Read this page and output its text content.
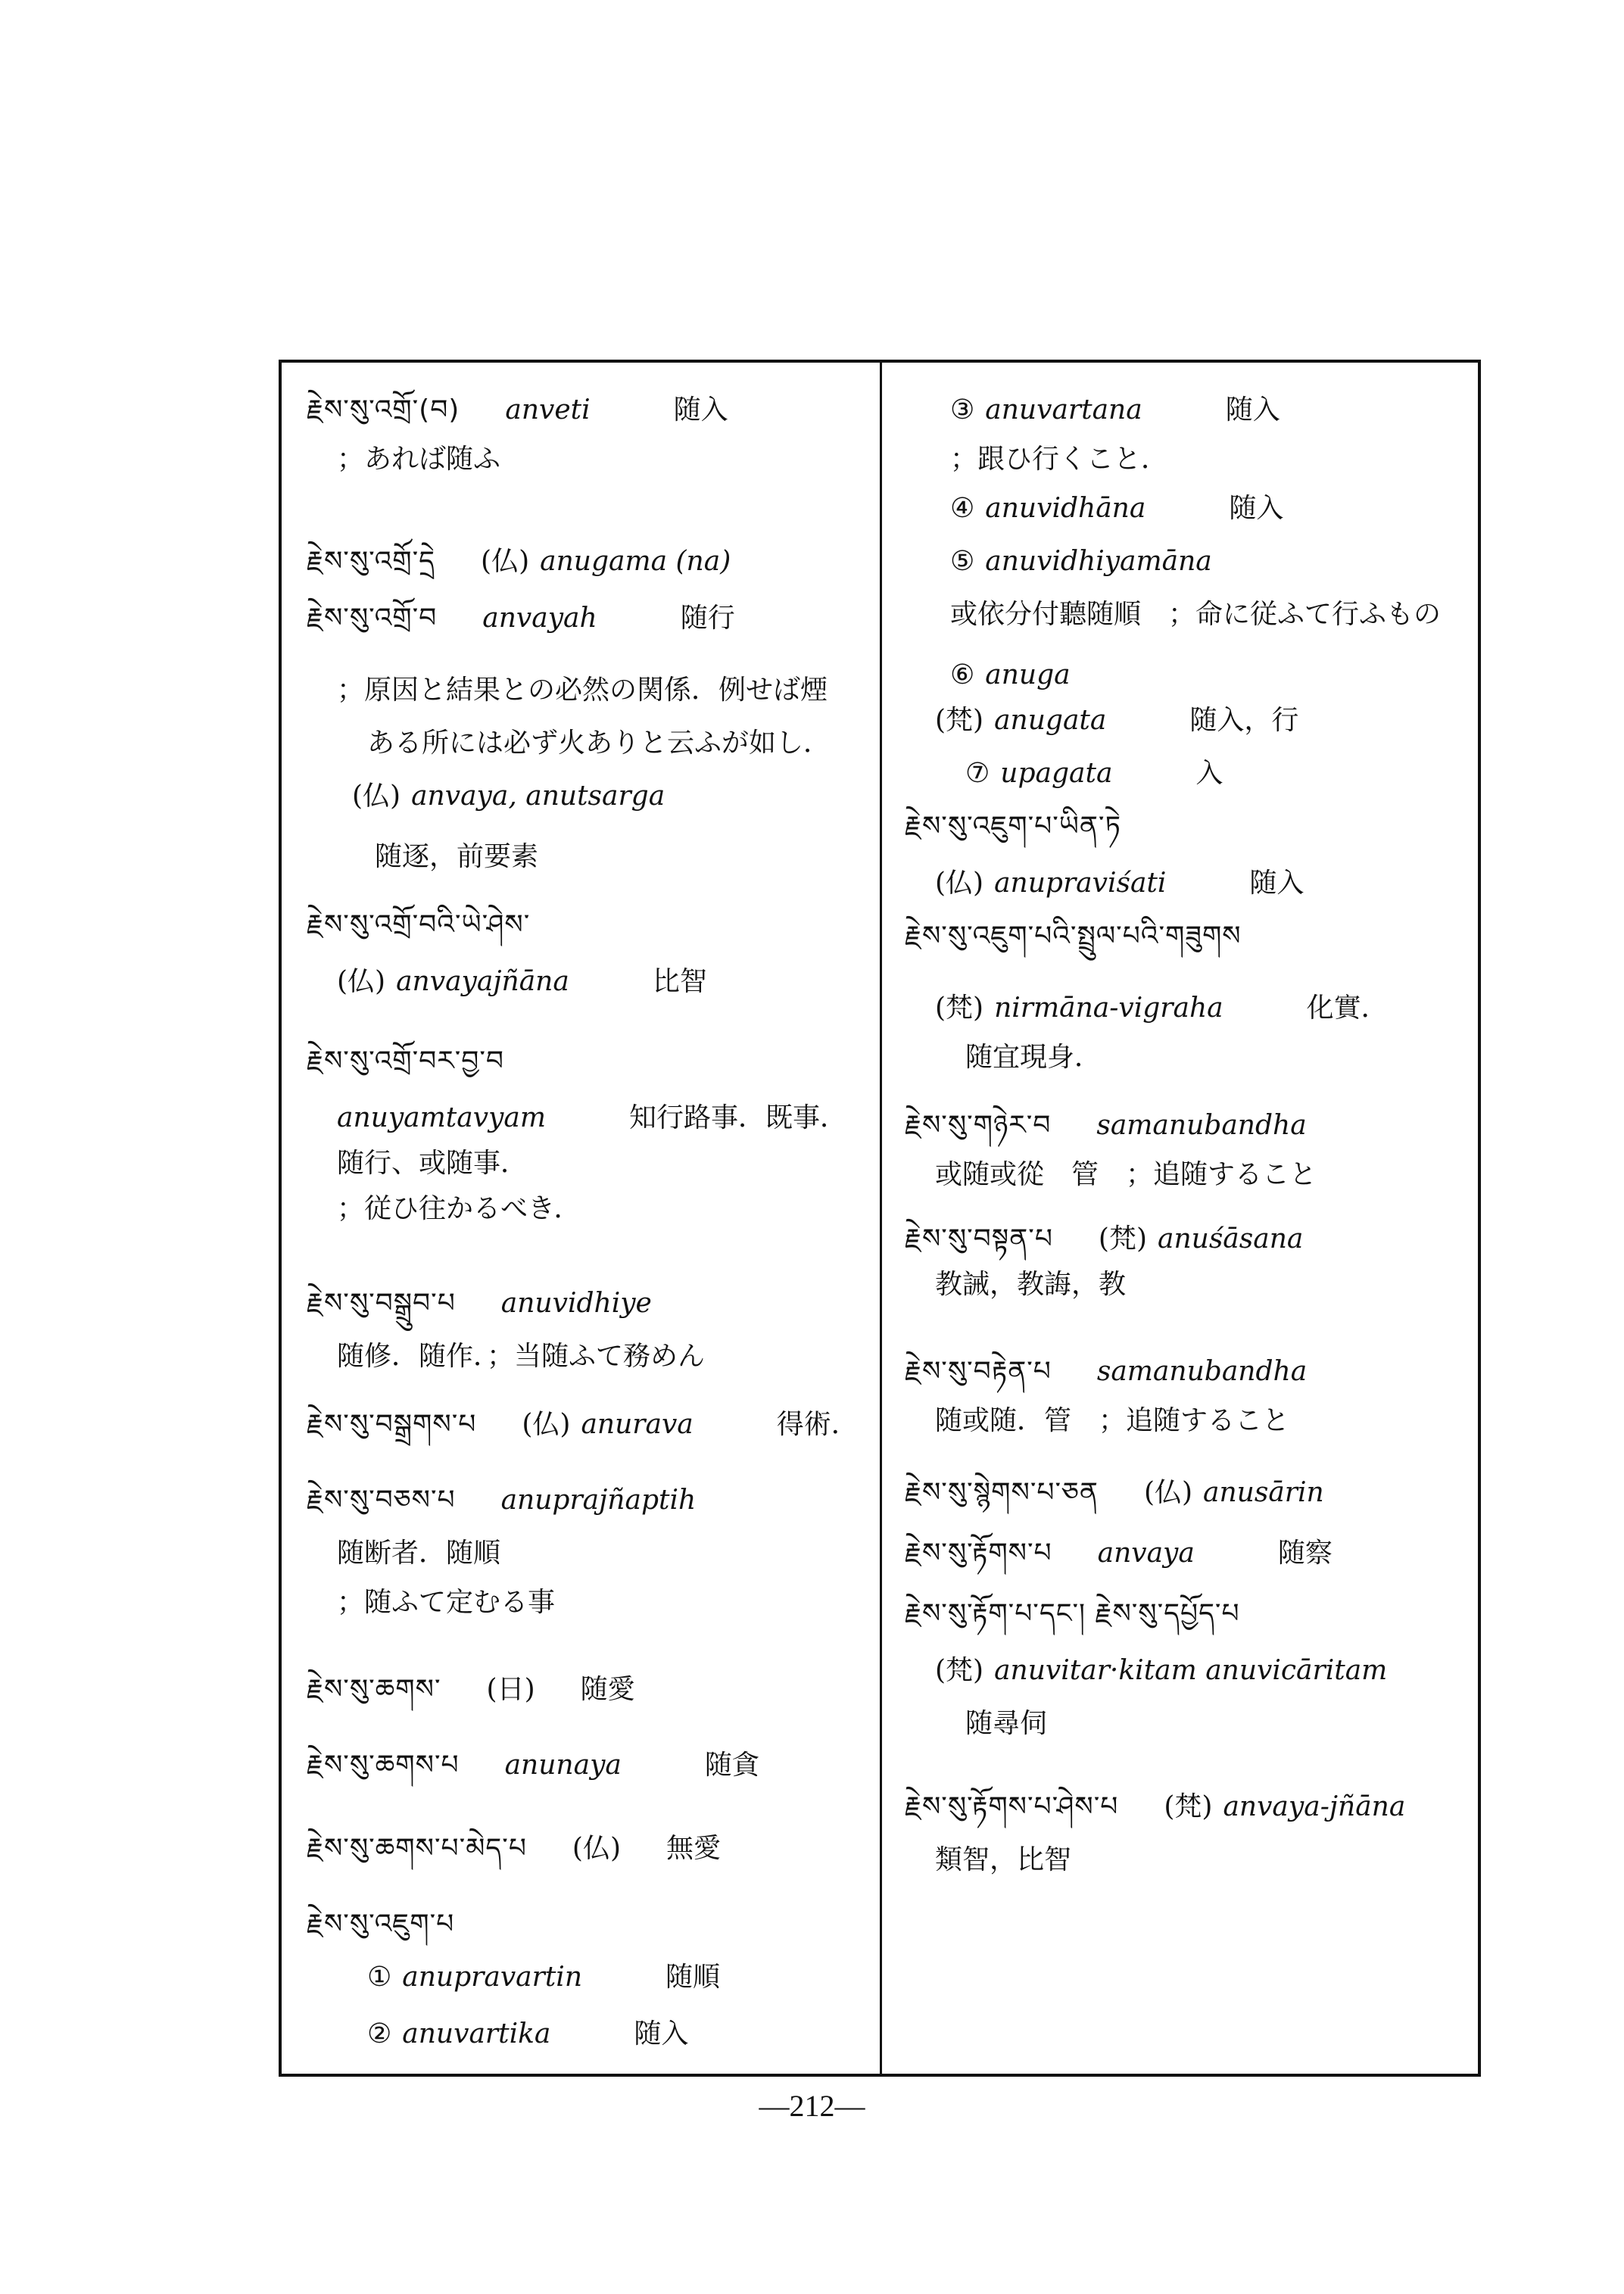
རྗེས་སུ་འགྲོ་(བ) anveti	随入
；あれば随ふ
རྗེས་སུ་འགྲོ་དྲེ (仏) anugama (na)
རྗེས་སུ་འགྲོ་བ anvayah	随行
；原因と結果との必然の関係．例せば煙
ある所には必ず火ありと云ふが如し．
(仏) anvaya, anutsarga
随逐，前要素
རྗེས་སུ་འགྲོ་བའི་ཡེ་ཤེས་
(仏) anvayajñāna	比智
རྗེས་སུ་འགྲོ་བར་བྱ་བ
anuyamtavyam	知行路事．既事．
随行、或随事．
；従ひ往かるべき．
རྗེས་སུ་བསྒྲུབ་པ anuvidhiye
随修．随作．；当随ふて務めん
རྗེས་སུ་བསྒྲགས་པ (仏) anurava	得術．
རྗེས་སུ་བཅས་པ anuprajñaptih
随断者．随順
；随ふて定むる事
རྗེས་སུ་ཆགས་ (日) 随愛
རྗེས་སུ་ཆགས་པ anunaya	随貪
རྗེས་སུ་ཆགས་པ་མེད་པ (仏) 無愛
རྗེས་སུ་འཇུག་པ
① anupravartin	随順
② anuvartika	随入
③ anuvartana	随入
；跟ひ行くこと．
④ anuvidhāna	随入
⑤ anuvidhiyamāna
或依分付聽随順　；命に従ふて行ふもの
⑥ anuga
(梵) anugata	随入，行
⑦ upagata	入
རྗེས་སུ་འཇུག་པ་ཡིན་ཏེ
(仏) anupraviśati	随入
རྗེས་སུ་འཇུག་པའི་སྤྲུལ་པའི་གཟུགས
(梵) nirmāna-vigraha	化實．
随宜現身．
རྗེས་སུ་གཉེར་བ samanubandha
或随或從　管　；追随すること
རྗེས་སུ་བསྟན་པ (梵) anuśāsana
教誡，教誨，教
རྗེས་སུ་བརྟེན་པ samanubandha
随或随．管　；追随すること
རྗེས་སུ་སྙེགས་པ་ཅན (仏) anusārin
རྗེས་སུ་རྟོགས་པ anvaya	随察
རྗེས་སུ་རྟོག་པ་དང་། རྗེས་སུ་དཔྱོད་པ
(梵) anuvitar·kitam anuvicāritam
随尋伺
རྗེས་སུ་རྟོགས་པ་ཤེས་པ (梵) anvaya-jñāna
類智，比智
—212—
